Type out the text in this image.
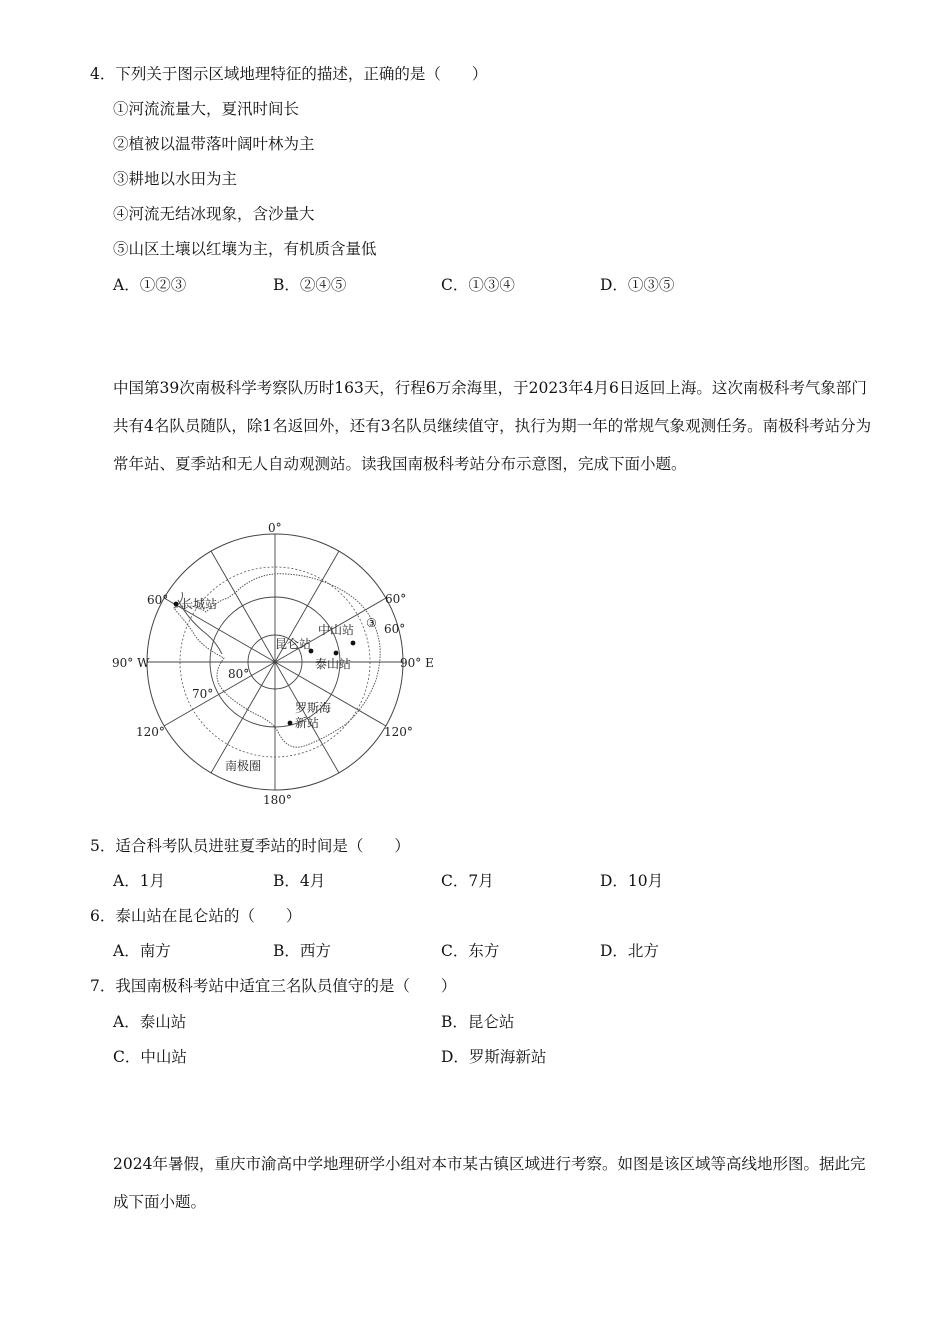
4．下列关于图示区域地理特征的描述，正确的是（　　）
①河流流量大，夏汛时间长
②植被以温带落叶阔叶林为主
③耕地以水田为主
④河流无结冰现象，含沙量大
⑤山区土壤以红壤为主，有机质含量低
A．①②③	B．②④⑤	C．①③④	D．①③⑤
中国第39次南极科学考察队历时163天，行程6万余海里，于2023年4月6日返回上海。这次南极科考气象部门共有4名队员随队，除1名返回外，还有3名队员继续值守，执行为期一年的常规气象观测任务。南极科考站分为常年站、夏季站和无人自动观测站。读我国南极科考站分布示意图，完成下面小题。
0°
90° W	90° E
180°
60°	60°
120°	120°
80°
70°
60°
长城站
昆仑站
中山站
泰山站
罗斯海
新站
南极圈
③
5．适合科考队员进驻夏季站的时间是（　　）
A．1月	B．4月	C．7月	D．10月
6．泰山站在昆仑站的（　　）
A．南方	B．西方	C．东方	D．北方
7．我国南极科考站中适宜三名队员值守的是（　　）
A．泰山站	B．昆仑站
C．中山站	D．罗斯海新站
2024年暑假，重庆市渝高中学地理研学小组对本市某古镇区域进行考察。如图是该区域等高线地形图。据此完成下面小题。
